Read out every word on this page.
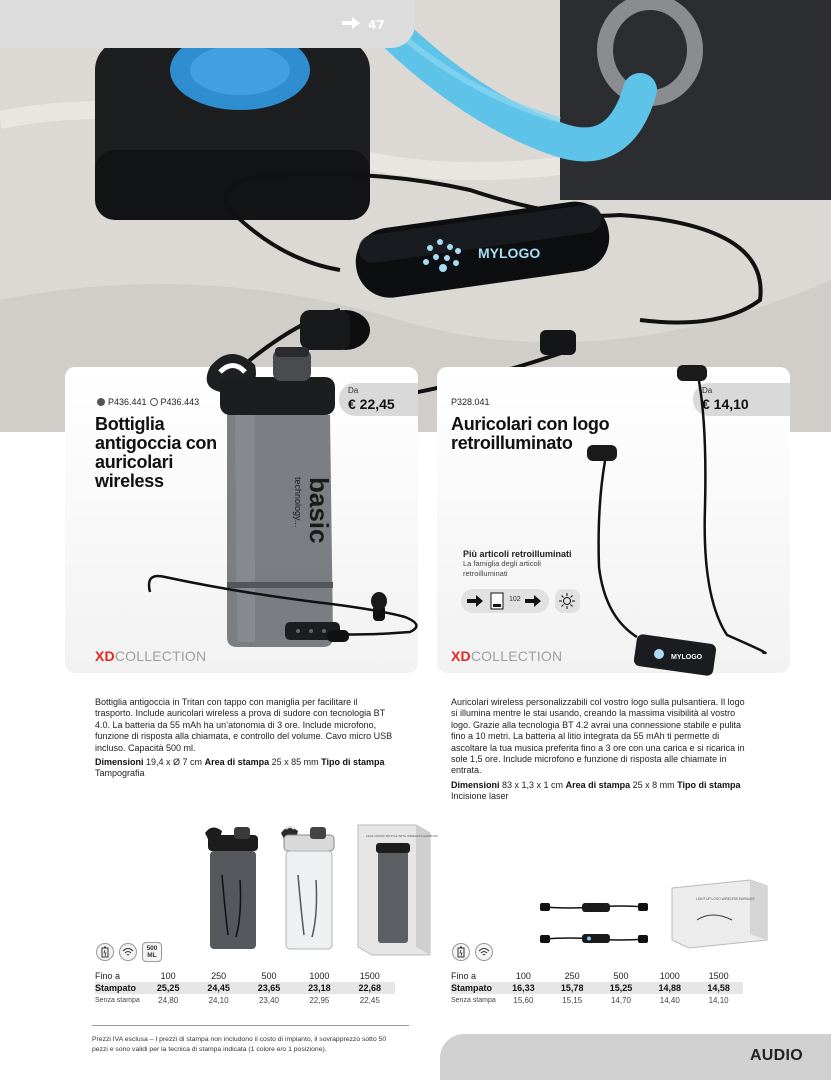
MYLOGO
47
P436.441 P436.443
Bottiglia antigoccia con auricolari wireless
Da
€ 22,45
basic
technology...
XDCOLLECTION
P328.041
Auricolari con logo retroilluminato
Da
€ 14,10
MYLOGO
Più articoli retroilluminati
La famiglia degli articoli retroilluminati
102
XDCOLLECTION
Bottiglia antigoccia in Tritan con tappo con maniglia per facilitare il trasporto. Include auricolari wireless a prova di sudore con tecnologia BT 4.0. La batteria da 55 mAh ha un’atonomia di 3 ore. Include microfono, funzione di risposta alla chiamata, e controllo del volume. Cavo micro USB incluso. Capacità 500 ml.
Dimensioni 19,4 x Ø 7 cm Area di stampa 25 x 85 mm Tipo di stampa Tampografia
Auricolari wireless personalizzabili col vostro logo sulla pulsantiera. Il logo si illumina mentre le stai usando, creando la massima visibilità al vostro logo. Grazie alla tecnologia BT 4.2 avrai una connessione stabile e pulita fino a 10 metri. La batteria al litio integrata da 55 mAh ti permette di ascoltare la tua musica preferita fino a 3 ore con una carica e si ricarica in sole 1,5 ore. Include microfono e funzione di risposta alle chiamate in entrata.
Dimensioni 83 x 1,3 x 1 cm Area di stampa 25 x 8 mm Tipo di stampa Incisione laser
LEAK PROOF BOTTLE WITH WIRELESS EARBUDS
LIGHT UP LOGO WIRELESS EARBUDS
500 ML
Fino a	100	250	500	1000	1500
Stampato	25,25	24,45	23,65	23,18	22,68
Senza stampa	24,80	24,10	23,40	22,95	22,45
Fino a	100	250	500	1000	1500
Stampato	16,33	15,78	15,25	14,88	14,58
Senza stampa	15,60	15,15	14,70	14,40	14,10
Prezzi IVA esclusa – I prezzi di stampa non includono il costo di impianto, il sovrapprezzo sotto 50 pezzi e sono validi per la tecnica di stampa indicata (1 colore e/o 1 posizione).	AUDIO
